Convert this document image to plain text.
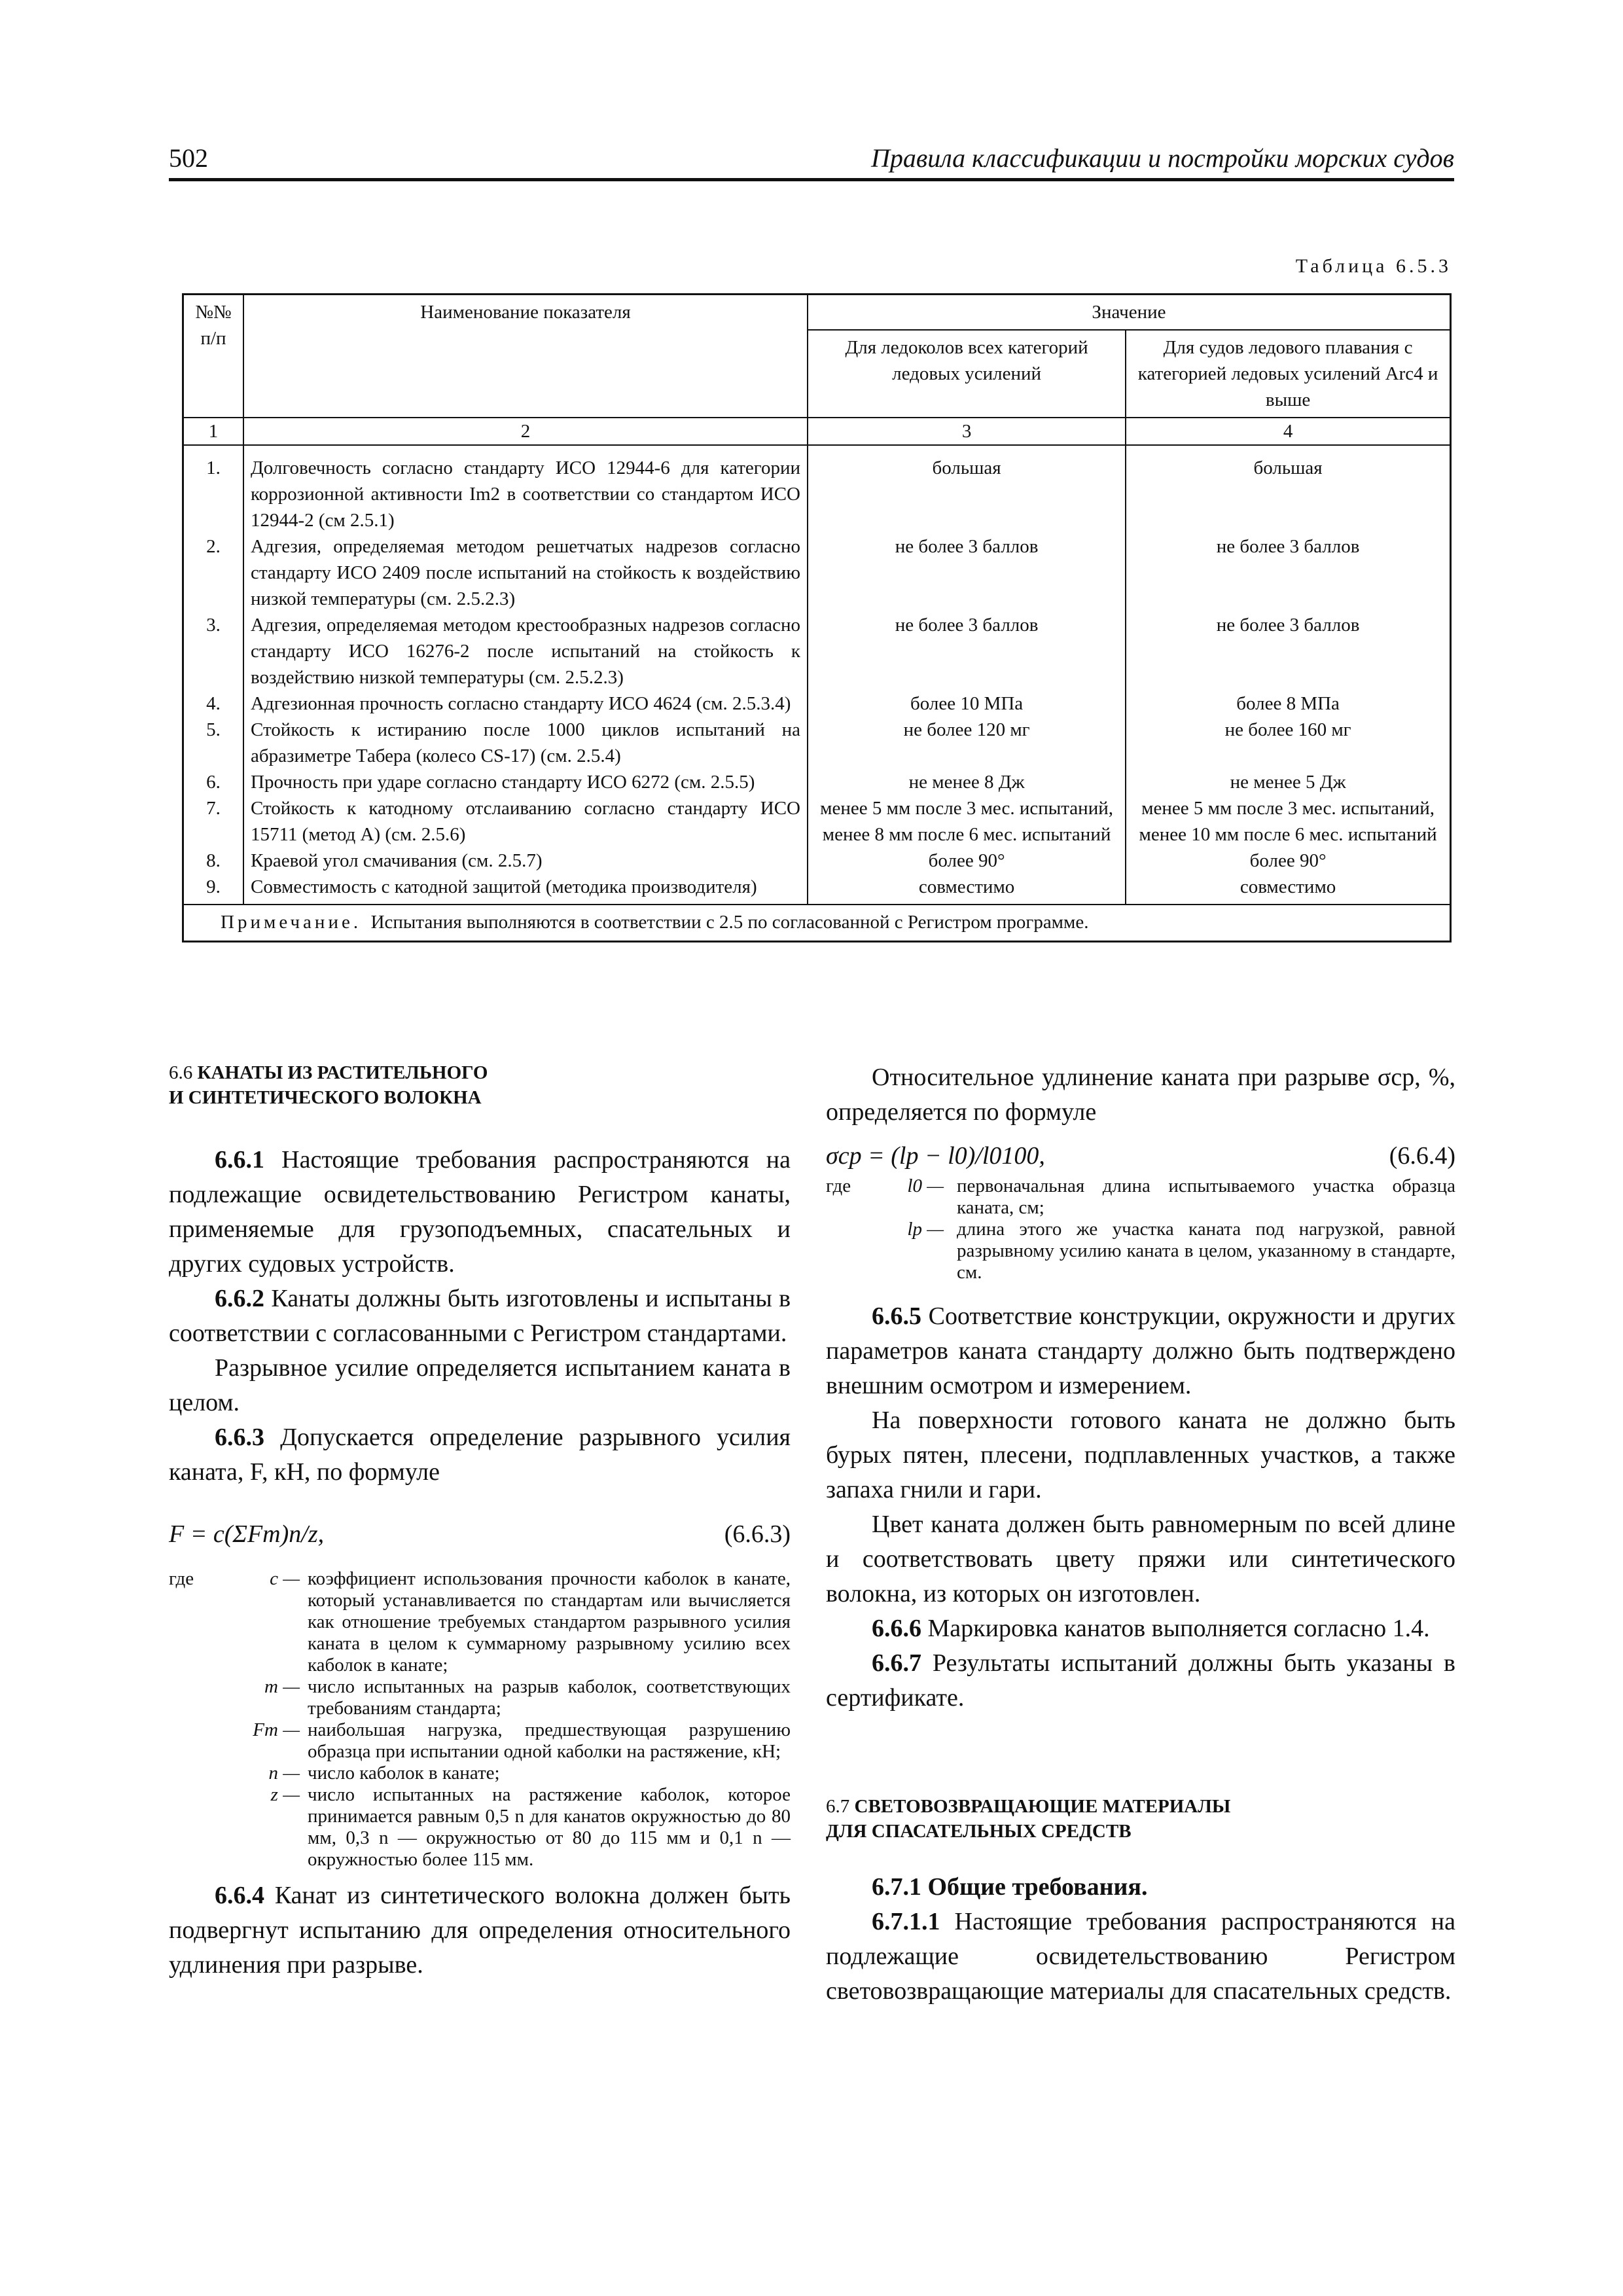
502	Правила классификации и постройки морских судов
Таблица 6.5.3
№№ п/п	Наименование показателя	Значение	
		Для ледоколов всех категорий ледовых усилений	Для судов ледового плавания с категорией ледовых усилений Arc4 и выше
1	2	3	4
1.	Долговечность согласно стандарту ИСО 12944-6 для категории коррозионной активности Im2 в соответствии со стандартом ИСО 12944-2 (см 2.5.1)	большая	большая
2.	Адгезия, определяемая методом решетчатых надрезов согласно стандарту ИСО 2409 после испытаний на стойкость к воздействию низкой температуры (см. 2.5.2.3)	не более 3 баллов	не более 3 баллов
3.	Адгезия, определяемая методом крестообразных надрезов согласно стандарту ИСО 16276-2 после испытаний на стойкость к воздействию низкой температуры (см. 2.5.2.3)	не более 3 баллов	не более 3 баллов
4.	Адгезионная прочность согласно стандарту ИСО 4624 (см. 2.5.3.4)	более 10 МПа	более 8 МПа
5.	Стойкость к истиранию после 1000 циклов испытаний на абразиметре Табера (колесо CS-17) (см. 2.5.4)	не более 120 мг	не более 160 мг
6.	Прочность при ударе согласно стандарту ИСО 6272 (см. 2.5.5)	не менее 8 Дж	не менее 5 Дж
7.	Стойкость к катодному отслаиванию согласно стандарту ИСО 15711 (метод А) (см. 2.5.6)	менее 5 мм после 3 мес. испытаний, менее 8 мм после 6 мес. испытаний	менее 5 мм после 3 мес. испытаний, менее 10 мм после 6 мес. испытаний
8.	Краевой угол смачивания (см. 2.5.7)	более 90°	более 90°
9.	Совместимость с катодной защитой (методика производителя)	совместимо	совместимо
Примечание. Испытания выполняются в соответствии с 2.5 по согласованной с Регистром программе.			

6.6 КАНАТЫ ИЗ РАСТИТЕЛЬНОГО
И СИНТЕТИЧЕСКОГО ВОЛОКНА

6.6.1 Настоящие требования распространяются на подлежащие освидетельствованию Регистром канаты, применяемые для грузоподъемных, спасательных и других судовых устройств.

6.6.2 Канаты должны быть изготовлены и испытаны в соответствии с согласованными с Регистром стандартами.

Разрывное усилие определяется испытанием каната в целом.

6.6.3 Допускается определение разрывного усилия каната, F, кН, по формуле

F = c(ΣFm)n/z,	(6.6.3)
где	c — коэффициент использования прочности каболок в канате, который устанавливается по стандартам или вычисляется как отношение требуемых стандартом разрывного усилия каната в целом к суммарному разрывному усилию всех каболок в канате;
m — число испытанных на разрыв каболок, соответствующих требованиям стандарта;
Fm — наибольшая нагрузка, предшествующая разрушению образца при испытании одной каболки на растяжение, кН;
n — число каболок в канате;
z — число испытанных на растяжение каболок, которое принимается равным 0,5 n для канатов окружностью до 80 мм, 0,3 n — окружностью от 80 до 115 мм и 0,1 n — окружностью более 115 мм.

6.6.4 Канат из синтетического волокна должен быть подвергнут испытанию для определения относительного удлинения при разрыве.

Относительное удлинение каната при разрыве σср, %, определяется по формуле

σср = (lр − l0)/l0100,	(6.6.4)
где	l0 — первоначальная длина испытываемого участка образца каната, см;
lр — длина этого же участка каната под нагрузкой, равной разрывному усилию каната в целом, указанному в стандарте, см.

6.6.5 Соответствие конструкции, окружности и других параметров каната стандарту должно быть подтверждено внешним осмотром и измерением.

На поверхности готового каната не должно быть бурых пятен, плесени, подплавленных участков, а также запаха гнили и гари.

Цвет каната должен быть равномерным по всей длине и соответствовать цвету пряжи или синтетического волокна, из которых он изготовлен.

6.6.6 Маркировка канатов выполняется согласно 1.4.

6.6.7 Результаты испытаний должны быть указаны в сертификате.

6.7 СВЕТОВОЗВРАЩАЮЩИЕ МАТЕРИАЛЫ
ДЛЯ СПАСАТЕЛЬНЫХ СРЕДСТВ

6.7.1 Общие требования.

6.7.1.1 Настоящие требования распространяются на подлежащие освидетельствованию Регистром световозвращающие материалы для спасательных средств.
